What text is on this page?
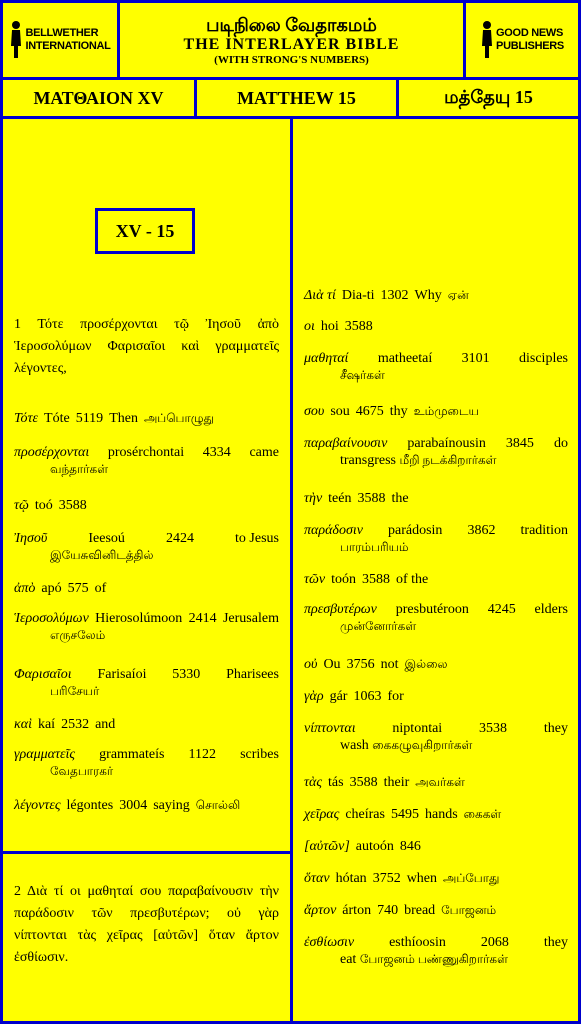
BELLWETHER
INTERNATIONAL
படிநிலை வேதாகமம்
THE INTERLAYER BIBLE
(WITH STRONG'S NUMBERS)
GOOD NEWS
PUBLISHERS
ΜΑΤΘΑΙΟΝ XV	MATTHEW 15	மத்தேயு 15
XV - 15
1 Τότε προσέρχονται τῷ Ἰησοῦ ἀπὸ Ἱεροσολύμων Φαρισαῖοι καὶ γραμματεῖς λέγοντες,
2 Διὰ τί οι μαθηταί σου παραβαίνουσιν τὴν παράδοσιν τῶν πρεσβυτέρων; οὐ γὰρ νίπτονται τὰς χεῖρας [αὐτῶν] ὅταν ἄρτον ἐσθίωσιν.
Τότε Tóte 5119 Then அப்பொழுது
προσέρχονται prosérchontai 4334 came
வந்தார்கள்
τῷ toó 3588
Ἰησοῦ	Ieesoú	2424	to Jesus
இயேசுவினிடத்தில்
ἀπὸ apó 575 of
Ἱεροσολύμων Hierosolúmoon 2414 Jerusalem
எருசலேம்
Φαρισαῖοι Farisaíoi 5330 Pharisees
பரிசேயர்
καὶ kaí 2532 and
γραμματεῖς grammateís 1122 scribes
வேதபாரகர்
λέγοντες légontes 3004 saying சொல்லி
Διὰ τί Dia-ti 1302 Why ஏன்
οι hoi 3588
μαθηταί matheetaí 3101 disciples
சீஷர்கள்
σου sou 4675 thy உம்முடைய
παραβαίνουσιν parabaínousin 3845 do
transgress மீறி நடக்கிறார்கள்
τὴν teén 3588 the
παράδοσιν parádosin 3862 tradition
பாரம்பரியம்
τῶν toón 3588 of the
πρεσβυτέρων presbutéroon 4245 elders
முன்னோர்கள்
οὐ Ou 3756 not இல்லை
γὰρ gár 1063 for
νίπτονται	niptontai	3538	they
wash கைகழுவுகிறார்கள்
τὰς tás 3588 their அவர்கள்
χεῖρας cheíras 5495 hands கைகள்
[αὐτῶν] autoón 846
ὅταν hótan 3752 when அப்போது
ἄρτον árton 740 bread போஜனம்
ἐσθίωσιν	esthíoosin	2068	they
eat போஜனம் பண்ணுகிறார்கள்
